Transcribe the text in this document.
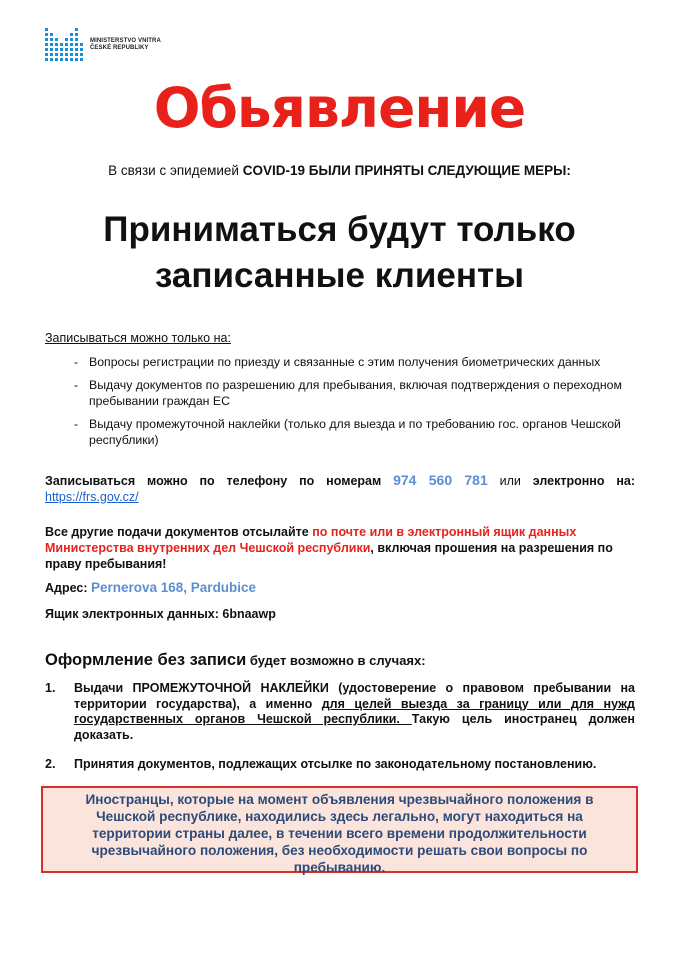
MINISTERSTVO VNITRA
ČESKÉ REPUBLIKY
Обьявление
В связи с эпидемией COVID-19 БЫЛИ ПРИНЯТЫ СЛЕДУЮЩИЕ МЕРЫ:
Приниматься будут только
записанные клиенты
Записываться можно только на:
- Вопросы регистрации по приезду и связанные с этим получения биометрических данных
- Выдачу документов по разрешению для пребывания, включая подтверждения о переходном пребывании граждан ЕС
- Выдачу промежуточной наклейки (только для выезда и по требованию гос. органов Чешской республики)
Записываться можно по телефону по номерам 974 560 781 или электронно на: https://frs.gov.cz/
Все другие подачи документов отсылайте по почте или в электронный ящик данных Министерства внутренних дел Чешской республики, включая прошения на разрешения по праву пребывания!
Адрес: Pernerova 168, Pardubice
Ящик электронных данных: 6bnaawp
Оформление без записи будет возможно в случаях:
1. Выдачи ПРОМЕЖУТОЧНОЙ НАКЛЕЙКИ (удостоверение о правовом пребывании на территории государства), а именно для целей выезда за границу или для нужд государственных органов Чешской республики. Такую цель иностранец должен доказать.
2. Принятия документов, подлежащих отсылке по законодательному постановлению.
Иностранцы, которые на момент объявления чрезвычайного положения в Чешской республике, находились здесь легально, могут находиться на территории страны далее, в течении всего времени продолжительности чрезвычайного положения, без необходимости решать свои вопросы по пребыванию.
